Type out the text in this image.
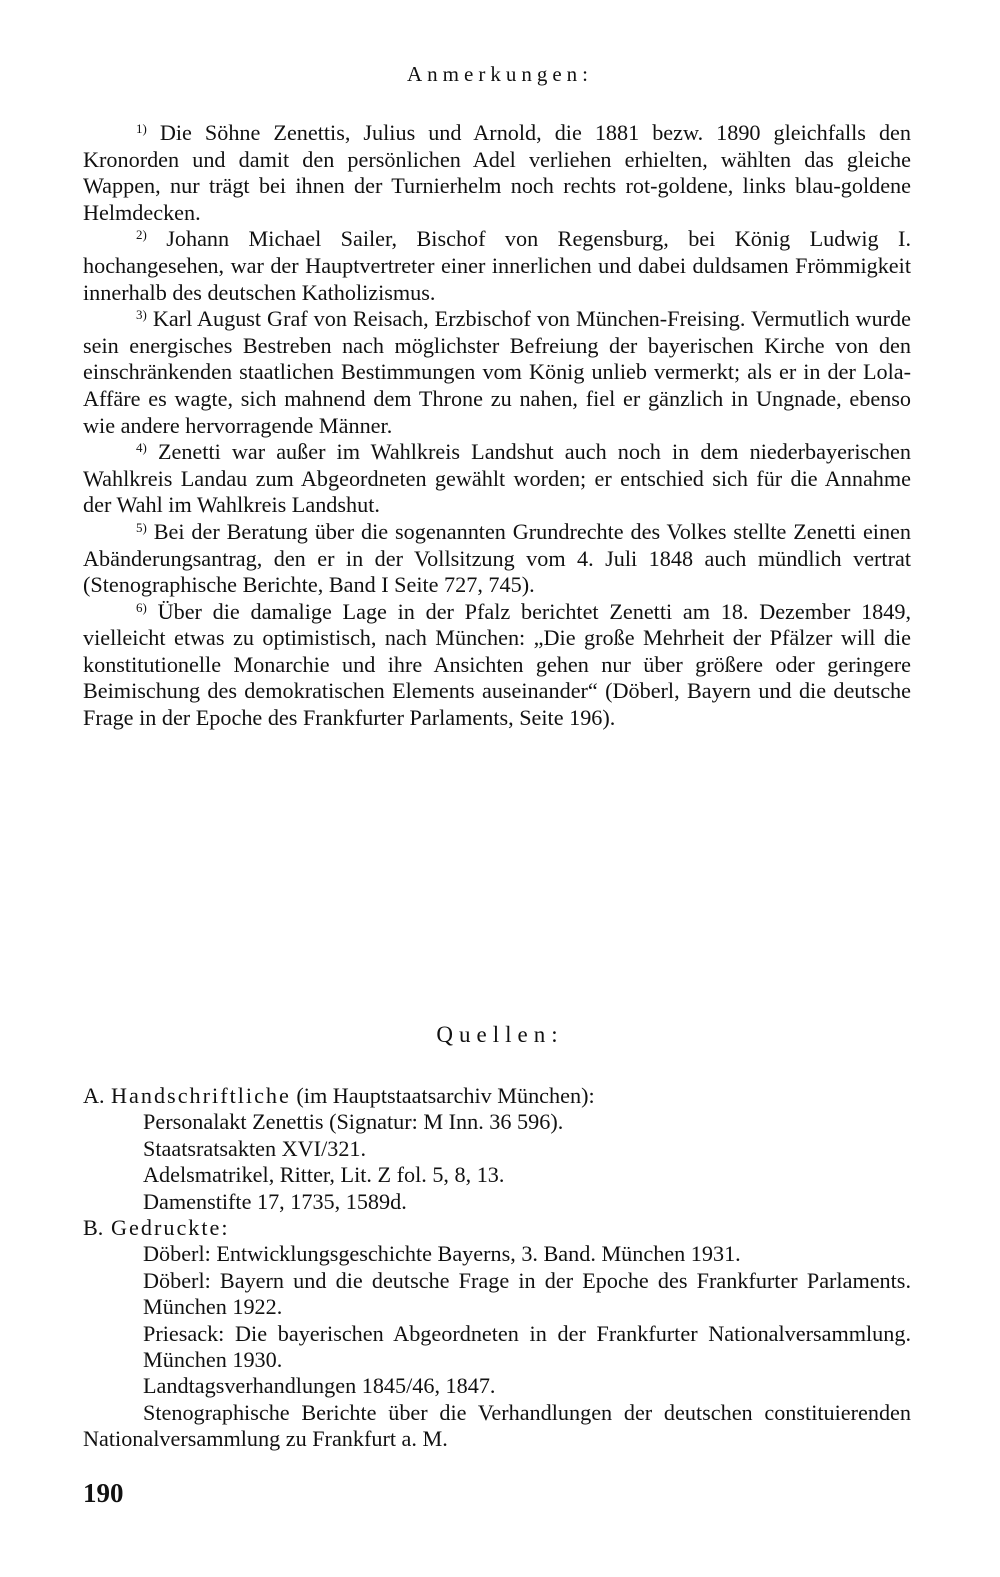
Anmerkungen:

$^{1)}$ Die Söhne Zenettis, Julius und Arnold, die 1881 bezw. 1890 gleichfalls den Kronorden und damit den persönlichen Adel verliehen erhielten, wählten das gleiche Wappen, nur trägt bei ihnen der Turnierhelm noch rechts rot-goldene, links blau-goldene Helmdecken.

$^{2)}$ Johann Michael Sailer, Bischof von Regensburg, bei König Ludwig I. hochangesehen, war der Hauptvertreter einer innerlichen und dabei duldsamen Frömmigkeit innerhalb des deutschen Katholizismus.

$^{3)}$ Karl August Graf von Reisach, Erzbischof von München-Freising. Vermutlich wurde sein energisches Bestreben nach möglichster Befreiung der bayerischen Kirche von den einschränkenden staatlichen Bestimmungen vom König unlieb vermerkt; als er in der Lola-Affäre es wagte, sich mahnend dem Throne zu nahen, fiel er gänzlich in Ungnade, ebenso wie andere hervorragende Männer.

$^{4)}$ Zenetti war außer im Wahlkreis Landshut auch noch in dem niederbayerischen Wahlkreis Landau zum Abgeordneten gewählt worden; er entschied sich für die Annahme der Wahl im Wahlkreis Landshut.

$^{5)}$ Bei der Beratung über die sogenannten Grundrechte des Volkes stellte Zenetti einen Abänderungsantrag, den er in der Vollsitzung vom 4. Juli 1848 auch mündlich vertrat (Stenographische Berichte, Band I Seite 727, 745).

$^{6)}$ Über die damalige Lage in der Pfalz berichtet Zenetti am 18. Dezember 1849, vielleicht etwas zu optimistisch, nach München: „Die große Mehrheit der Pfälzer will die konstitutionelle Monarchie und ihre Ansichten gehen nur über größere oder geringere Beimischung des demokratischen Elements auseinander“ (Döberl, Bayern und die deutsche Frage in der Epoche des Frankfurter Parlaments, Seite 196).

Quellen:
A. Handschriftliche (im Hauptstaatsarchiv München):
Personalakt Zenettis (Signatur: M Inn. 36 596).
Staatsratsakten XVI/321.
Adelsmatrikel, Ritter, Lit. Z fol. 5, 8, 13.
Damenstifte 17, 1735, 1589d.
B. Gedruckte:
Döberl: Entwicklungsgeschichte Bayerns, 3. Band. München 1931.
Döberl: Bayern und die deutsche Frage in der Epoche des Frankfurter Parlaments. München 1922.
Priesack: Die bayerischen Abgeordneten in der Frankfurter Nationalversammlung. München 1930.
Landtagsverhandlungen 1845/46, 1847.
Stenographische Berichte über die Verhandlungen der deutschen constituierenden Nationalversammlung zu Frankfurt a. M.
190
